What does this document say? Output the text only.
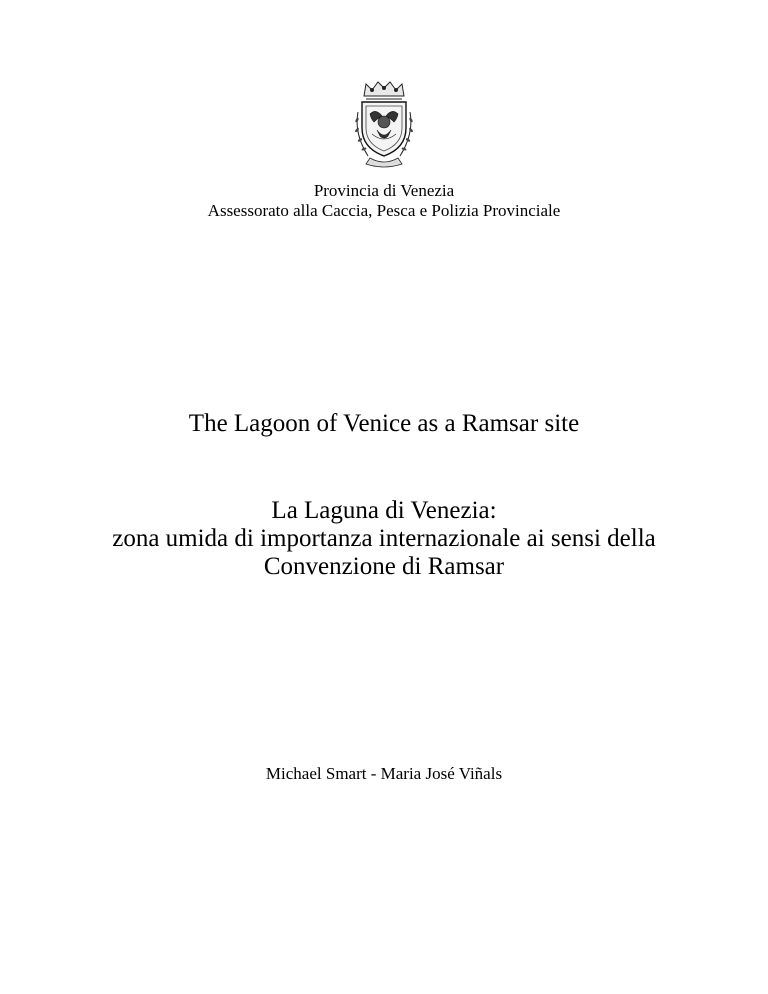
Provincia di Venezia
Assessorato alla Caccia, Pesca e Polizia Provinciale
The Lagoon of Venice as a Ramsar site
La Laguna di Venezia:
zona umida di importanza internazionale ai sensi della
Convenzione di Ramsar
Michael Smart - Maria José Viñals
